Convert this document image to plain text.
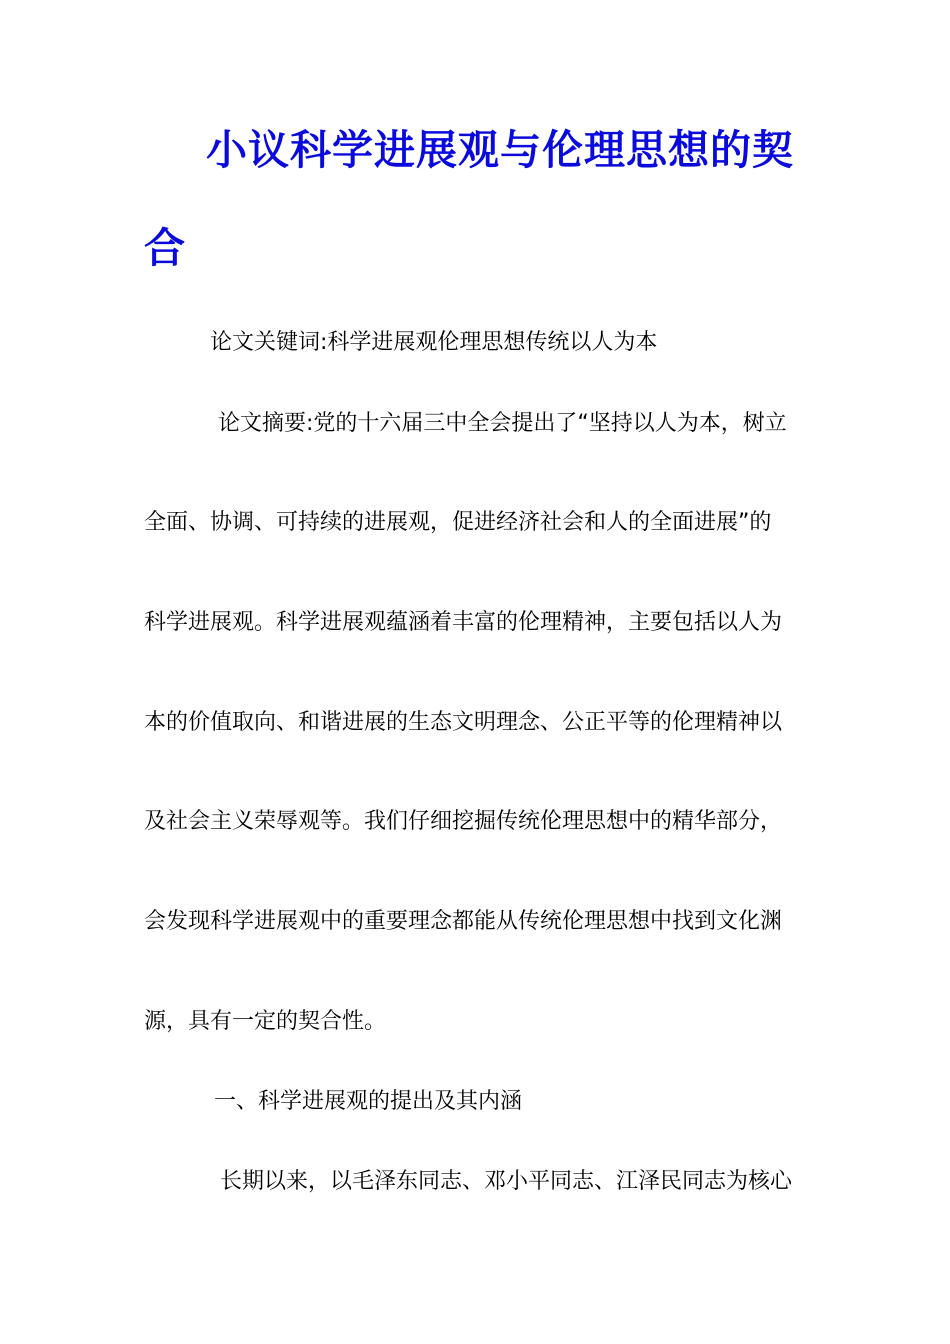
小议科学进展观与伦理思想的契
合

论文关键词:科学进展观伦理思想传统以人为本

论文摘要:党的十六届三中全会提出了“坚持以人为本，树立

全面、协调、可持续的进展观，促进经济社会和人的全面进展”的

科学进展观。科学进展观蕴涵着丰富的伦理精神，主要包括以人为

本的价值取向、和谐进展的生态文明理念、公正平等的伦理精神以

及社会主义荣辱观等。我们仔细挖掘传统伦理思想中的精华部分，

会发现科学进展观中的重要理念都能从传统伦理思想中找到文化渊

源，具有一定的契合性。

一、科学进展观的提出及其内涵

长期以来，以毛泽东同志、邓小平同志、江泽民同志为核心
